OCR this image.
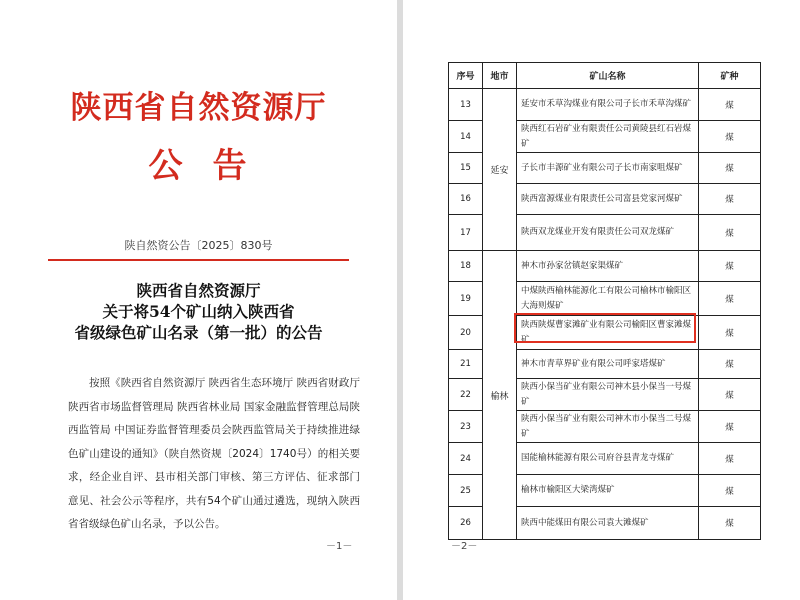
陕西省自然资源厅
公告
陕自然资公告〔2025〕830号
陕西省自然资源厅
关于将54个矿山纳入陕西省
省级绿色矿山名录（第一批）的公告
按照《陕西省自然资源厅 陕西省生态环境厅 陕西省财政厅 陕西省市场监督管理局 陕西省林业局 国家金融监督管理总局陕西监管局 中国证券监督管理委员会陕西监管局关于持续推进绿色矿山建设的通知》（陕自然资规〔2024〕1740号）的相关要求，经企业自评、县市相关部门审核、第三方评估、征求部门意见、社会公示等程序，共有54个矿山通过遴选，现纳入陕西省省级绿色矿山名录，予以公告。
－1－	－2－
序号	地市	矿山名称	矿种
13	延安	延安市禾草沟煤业有限公司子长市禾草沟煤矿	煤
14		陕西红石岩矿业有限责任公司黄陵县红石岩煤矿	煤
15		子长市丰源矿业有限公司子长市南家咀煤矿	煤
16		陕西富源煤业有限责任公司富县党家河煤矿	煤
17		陕西双龙煤业开发有限责任公司双龙煤矿	煤
18	榆林	神木市孙家岔镇赵家渠煤矿	煤
19		中煤陕西榆林能源化工有限公司榆林市榆阳区大海则煤矿	煤
20		陕西陕煤曹家滩矿业有限公司榆阳区曹家滩煤矿	煤
21		神木市青草界矿业有限公司呼家塔煤矿	煤
22		陕西小保当矿业有限公司神木县小保当一号煤矿	煤
23		陕西小保当矿业有限公司神木市小保当二号煤矿	煤
24		国能榆林能源有限公司府谷县青龙寺煤矿	煤
25		榆林市榆阳区大梁湾煤矿	煤
26		陕西中能煤田有限公司袁大滩煤矿	煤
